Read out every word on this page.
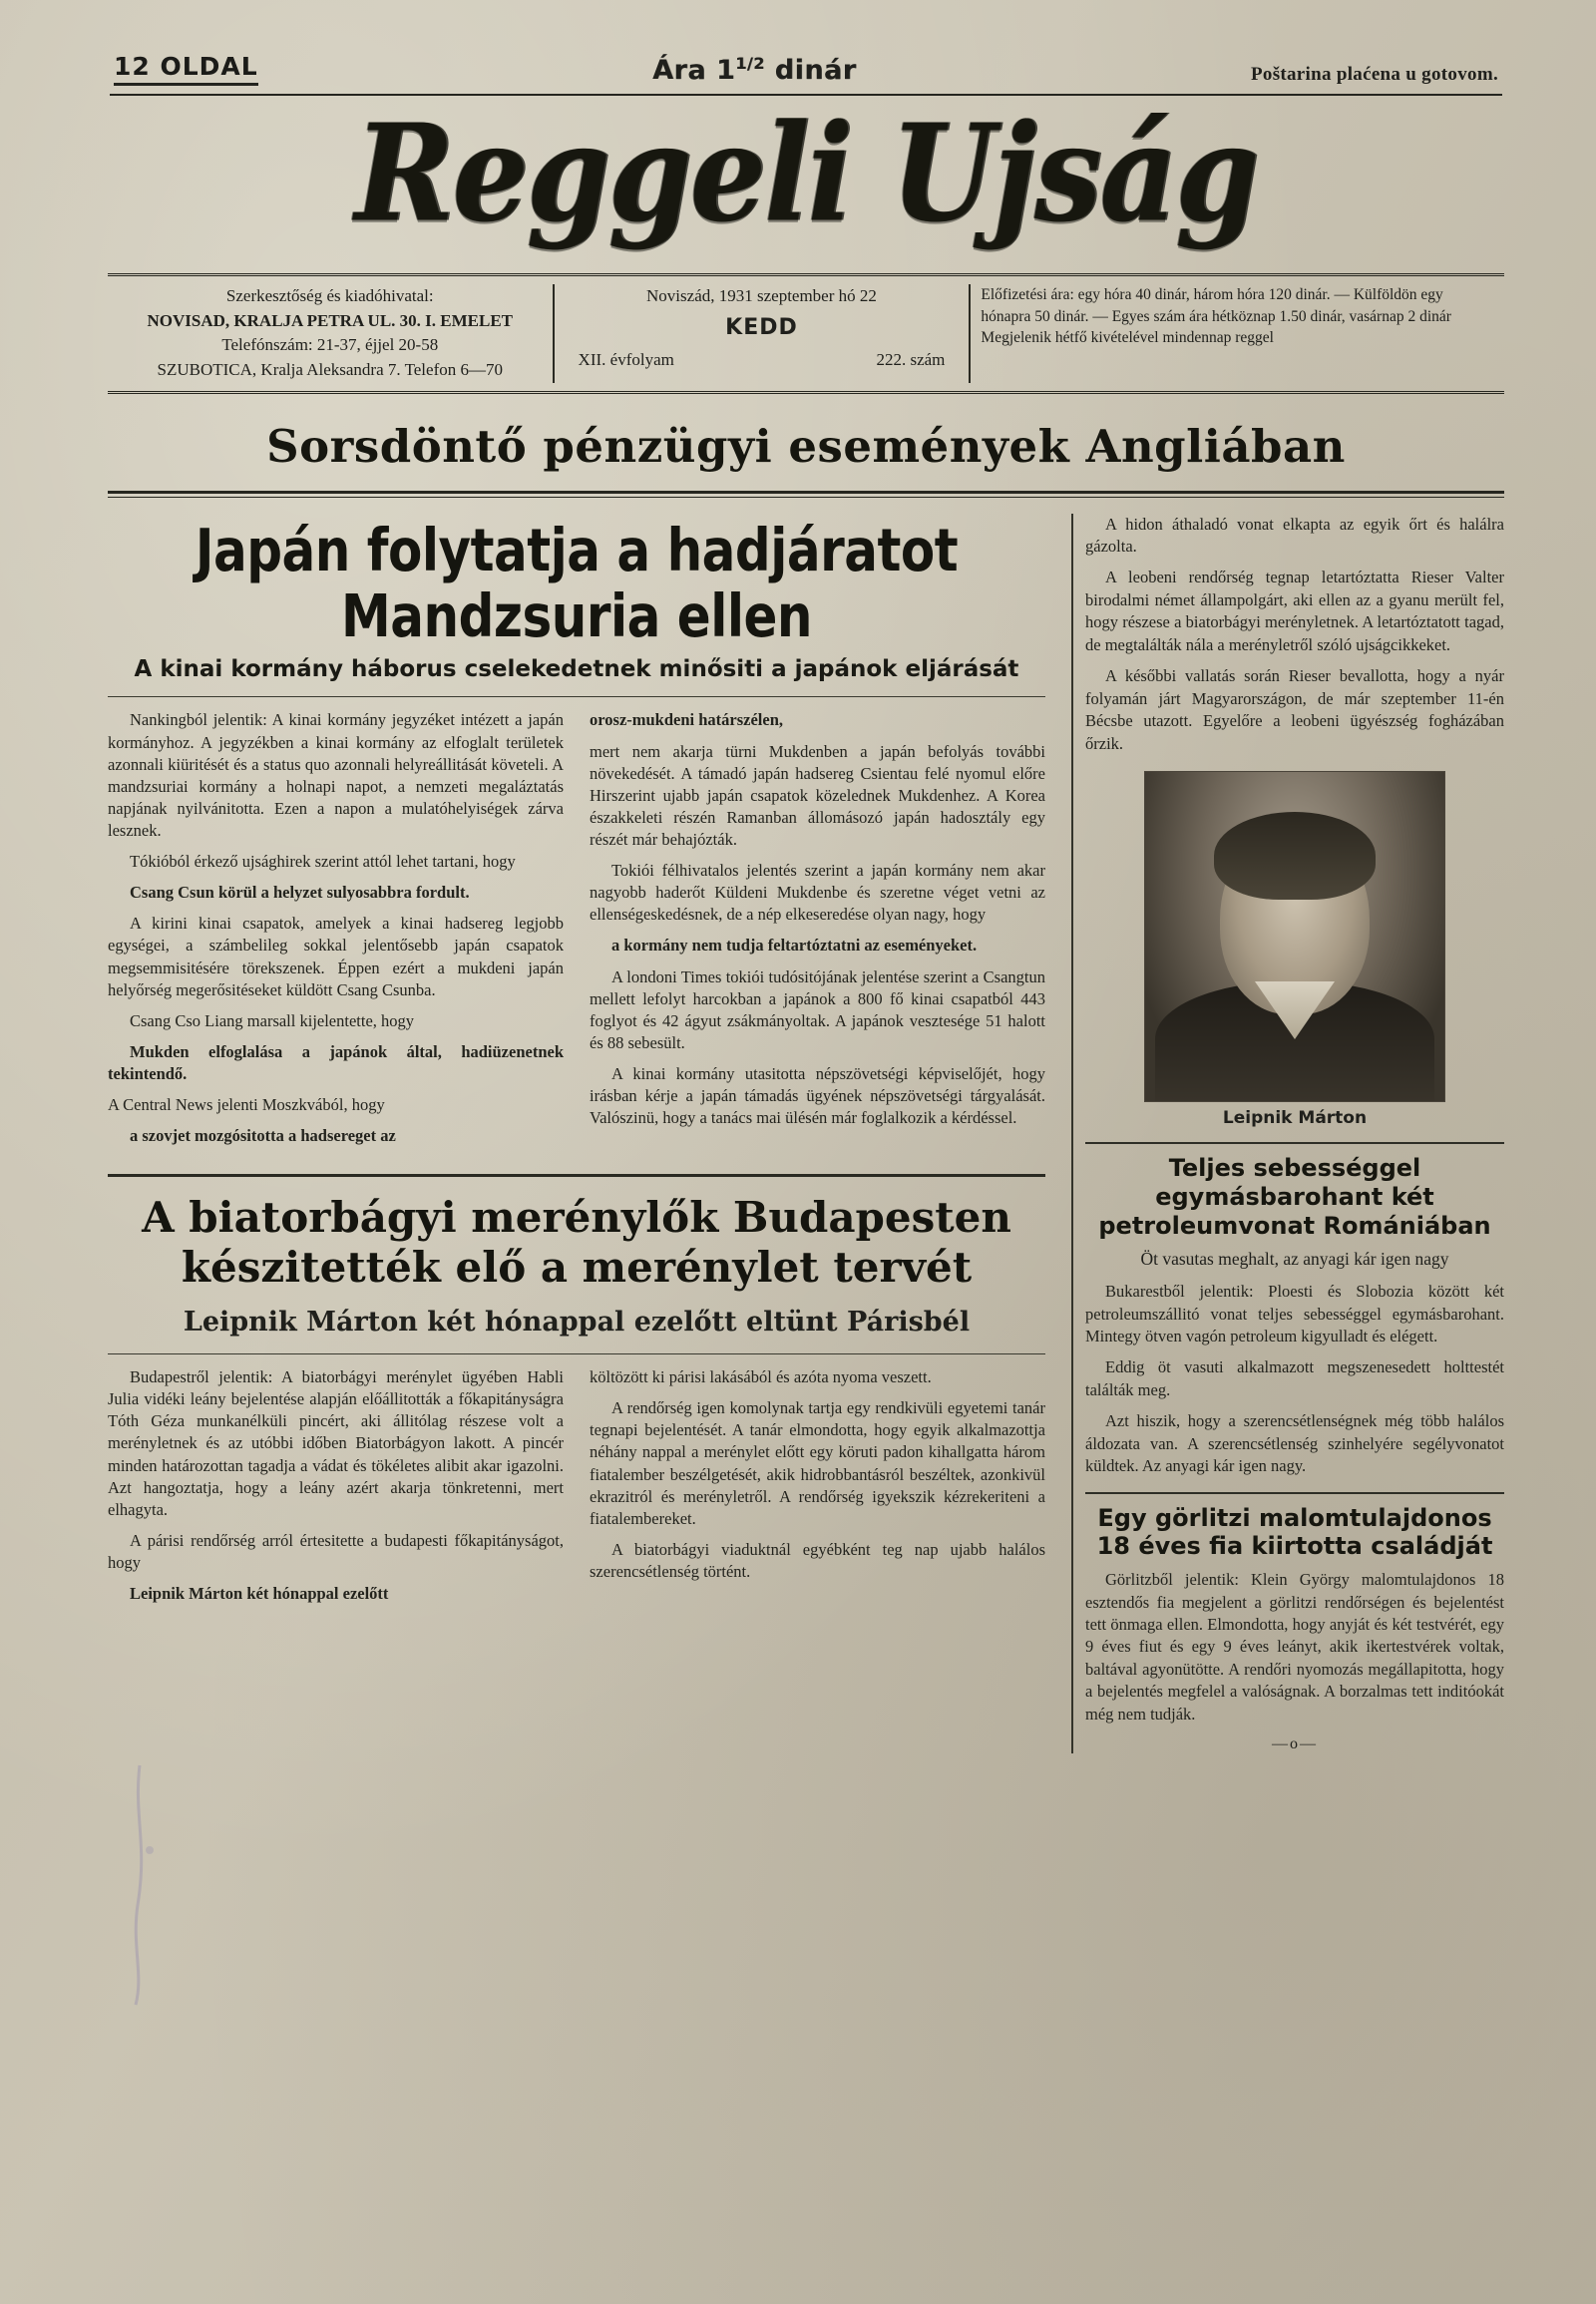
12 OLDAL	Ára $1^{1/2}$ dinár	Poštarina plaćena u gotovom.
Reggeli Ujság
Szerkesztőség és kiadóhivatal:
NOVISAD, KRALJA PETRA UL. 30. I. EMELET
Telefónszám: 21-37, éjjel 20-58
SZUBOTICA, Kralja Aleksandra 7. Telefon 6—70
Noviszád, 1931 szeptember hó 22
KEDD
XII. évfolyam	222. szám
Előfizetési ára: egy hóra 40 dinár, három hóra 120 dinár. — Külföldön egy hónapra 50 dinár. — Egyes szám ára hétköznap 1.50 dinár, vasárnap 2 dinár Megjelenik hétfő kivételével mindennap reggel
Sorsdöntő pénzügyi események Angliában
Japán folytatja a hadjáratot Mandzsuria ellen
A kinai kormány háborus cselekedetnek minősiti a japánok eljárását

Nankingból jelentik: A kinai kormány jegyzéket intézett a japán kormányhoz. A jegyzékben a kinai kormány az elfoglalt területek azonnali kiüritését és a status quo azonnali helyreállitását követeli. A mandzsuriai kormány a holnapi napot, a nemzeti megaláztatás napjának nyilvánitotta. Ezen a napon a mulatóhelyiségek zárva lesznek.

Tókióból érkező ujsághirek szerint attól lehet tartani, hogy

Csang Csun körül a helyzet sulyosabbra fordult.

A kirini kinai csapatok, amelyek a kinai hadsereg legjobb egységei, a számbelileg sokkal jelentősebb japán csapatok megsemmisitésére törekszenek. Éppen ezért a mukdeni japán helyőrség megerősitéseket küldött Csang Csunba.

Csang Cso Liang marsall kijelentette, hogy

Mukden elfoglalása a japánok által, hadiüzenetnek tekintendő.

A Central News jelenti Moszkvából, hogy

a szovjet mozgósitotta a hadsereget az

orosz-mukdeni határszélen,

mert nem akarja türni Mukdenben a japán befolyás további növekedését. A támadó japán hadsereg Csientau felé nyomul előre Hirszerint ujabb japán csapatok közelednek Mukdenhez. A Korea északkeleti részén Ramanban állomásozó japán hadosztály egy részét már behajózták.

Tokiói félhivatalos jelentés szerint a japán kormány nem akar nagyobb haderőt Küldeni Mukdenbe és szeretne véget vetni az ellenségeskedésnek, de a nép elkeseredése olyan nagy, hogy

a kormány nem tudja feltartóztatni az eseményeket.

A londoni Times tokiói tudósitójának jelentése szerint a Csangtun mellett lefolyt harcokban a japánok a 800 fő kinai csapatból 443 foglyot és 42 ágyut zsákmányoltak. A japánok vesztesége 51 halott és 88 sebesült.

A kinai kormány utasitotta népszövetségi képviselőjét, hogy irásban kérje a japán támadás ügyének népszövetségi tárgyalását. Valószinü, hogy a tanács mai ülésén már foglalkozik a kérdéssel.

A biatorbágyi merénylők Budapesten készitették elő a merénylet tervét
Leipnik Márton két hónappal ezelőtt eltünt Párisbél

Budapestről jelentik: A biatorbágyi merénylet ügyében Habli Julia vidéki leány bejelentése alapján előállitották a főkapitányságra Tóth Géza munkanélküli pincért, aki állitólag részese volt a merényletnek és az utóbbi időben Biatorbágyon lakott. A pincér minden határozottan tagadja a vádat és tökéletes alibit akar igazolni. Azt hangoztatja, hogy a leány azért akarja tönkretenni, mert elhagyta.

A párisi rendőrség arról értesitette a budapesti főkapitányságot, hogy

Leipnik Márton két hónappal ezelőtt

költözött ki párisi lakásából és azóta nyoma veszett.

A rendőrség igen komolynak tartja egy rendkivüli egyetemi tanár tegnapi bejelentését. A tanár elmondotta, hogy egyik alkalmazottja néhány nappal a merénylet előtt egy köruti padon kihallgatta három fiatalember beszélgetését, akik hidrobbantásról beszéltek, azonkivül ekrazitról és merényletről. A rendőrség igyekszik kézrekeriteni a fiatalembereket.

A biatorbágyi viaduktnál egyébként teg nap ujabb halálos szerencsétlenség történt.

A hidon áthaladó vonat elkapta az egyik őrt és halálra gázolta.

A leobeni rendőrség tegnap letartóztatta Rieser Valter birodalmi német állampolgárt, aki ellen az a gyanu merült fel, hogy részese a biatorbágyi merényletnek. A letartóztatott tagad, de megtalálták nála a merényletről szóló ujságcikkeket.

A későbbi vallatás során Rieser bevallotta, hogy a nyár folyamán járt Magyarországon, de már szeptember 11-én Bécsbe utazott. Egyelőre a leobeni ügyészség fogházában őrzik.

Leipnik Márton
Teljes sebességgel egymásbarohant két petroleumvonat Romániában
Öt vasutas meghalt, az anyagi kár igen nagy

Bukarestből jelentik: Ploesti és Slobozia között két petroleumszállitó vonat teljes sebességgel egymásbarohant. Mintegy ötven vagón petroleum kigyulladt és elégett.

Eddig öt vasuti alkalmazott megszenesedett holttestét találták meg.

Azt hiszik, hogy a szerencsétlenségnek még több halálos áldozata van. A szerencsétlenség szinhelyére segélyvonatot küldtek. Az anyagi kár igen nagy.

Egy görlitzi malomtulajdonos 18 éves fia kiirtotta családját

Görlitzből jelentik: Klein György malomtulajdonos 18 esztendős fia megjelent a görlitzi rendőrségen és bejelentést tett önmaga ellen. Elmondotta, hogy anyját és két testvérét, egy 9 éves fiut és egy 9 éves leányt, akik ikertestvérek voltak, baltával agyonütötte. A rendőri nyomozás megállapitotta, hogy a bejelentés megfelel a valóságnak. A borzalmas tett inditóokát még nem tudják.

—o—
